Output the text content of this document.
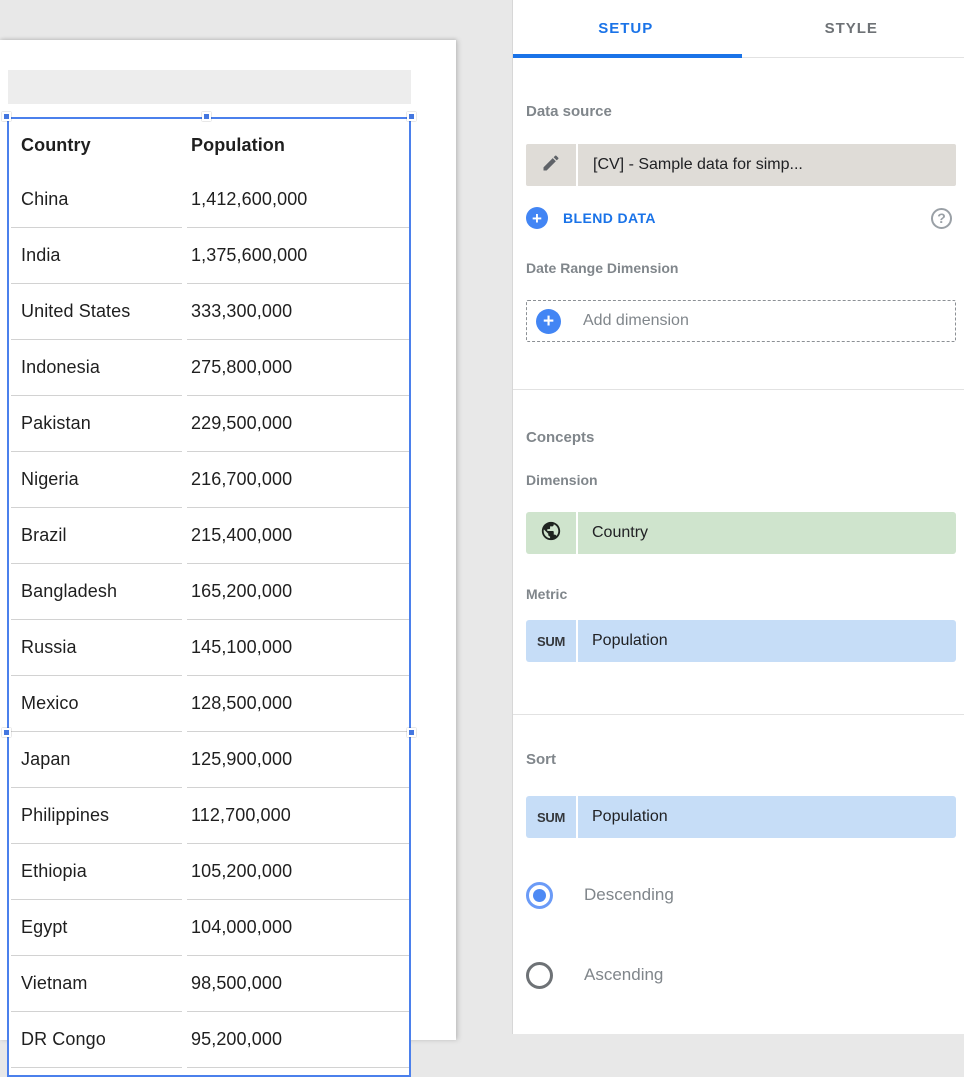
Country	Population
China	1,412,600,000
India	1,375,600,000
United States	333,300,000
Indonesia	275,800,000
Pakistan	229,500,000
Nigeria	216,700,000
Brazil	215,400,000
Bangladesh	165,200,000
Russia	145,100,000
Mexico	128,500,000
Japan	125,900,000
Philippines	112,700,000
Ethiopia	105,200,000
Egypt	104,000,000
Vietnam	98,500,000
DR Congo	95,200,000
SETUP	STYLE
Data source
[CV] - Sample data for simp...
+	BLEND DATA	?
Date Range Dimension
+	Add dimension
Concepts
Dimension
Country
Metric
SUM	Population
Sort
SUM	Population
Descending
Ascending
